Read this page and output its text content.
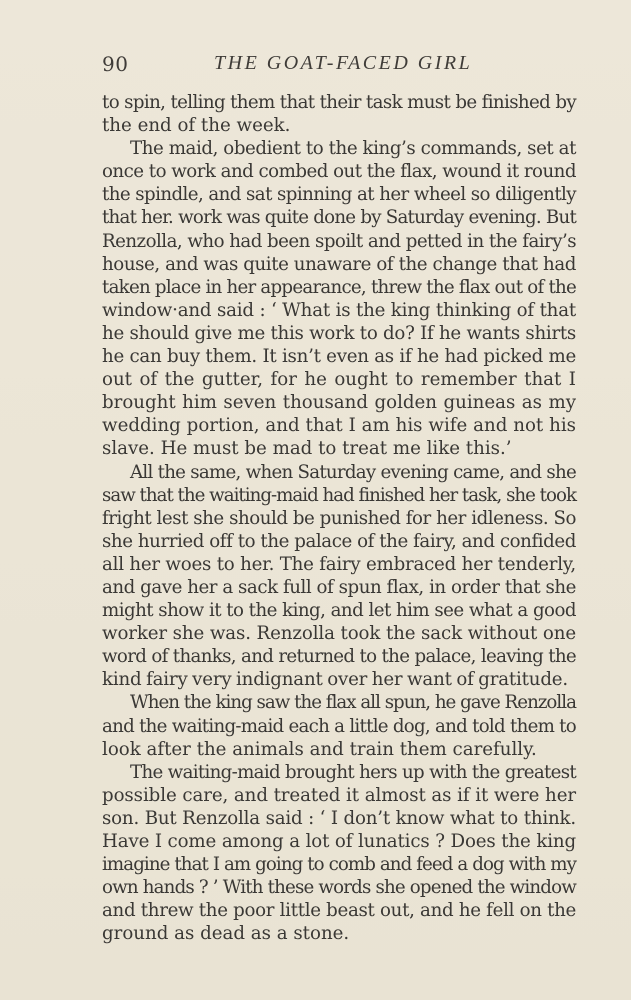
90	THE GOAT-FACED GIRL
to spin, telling them that their task must be finished by
the end of the week.
The maid, obedient to the king’s commands, set at
once to work and combed out the flax, wound it round
the spindle, and sat spinning at her wheel so diligently
that her. work was quite done by Saturday evening. But
Renzolla, who had been spoilt and petted in the fairy’s
house, and was quite unaware of the change that had
taken place in her appearance, threw the flax out of the
window·and said : ‘ What is the king thinking of that
he should give me this work to do? If he wants shirts
he can buy them. It isn’t even as if he had picked me
out of the gutter, for he ought to remember that I
brought him seven thousand golden guineas as my
wedding portion, and that I am his wife and not his
slave. He must be mad to treat me like this.’
All the same, when Saturday evening came, and she
saw that the waiting-maid had finished her task, she took
fright lest she should be punished for her idleness. So
she hurried off to the palace of the fairy, and confided
all her woes to her. The fairy embraced her tenderly,
and gave her a sack full of spun flax, in order that she
might show it to the king, and let him see what a good
worker she was. Renzolla took the sack without one
word of thanks, and returned to the palace, leaving the
kind fairy very indignant over her want of gratitude.
When the king saw the flax all spun, he gave Renzolla
and the waiting-maid each a little dog, and told them to
look after the animals and train them carefully.
The waiting-maid brought hers up with the greatest
possible care, and treated it almost as if it were her
son. But Renzolla said : ‘ I don’t know what to think.
Have I come among a lot of lunatics ? Does the king
imagine that I am going to comb and feed a dog with my
own hands ? ’ With these words she opened the window
and threw the poor little beast out, and he fell on the
ground as dead as a stone.
